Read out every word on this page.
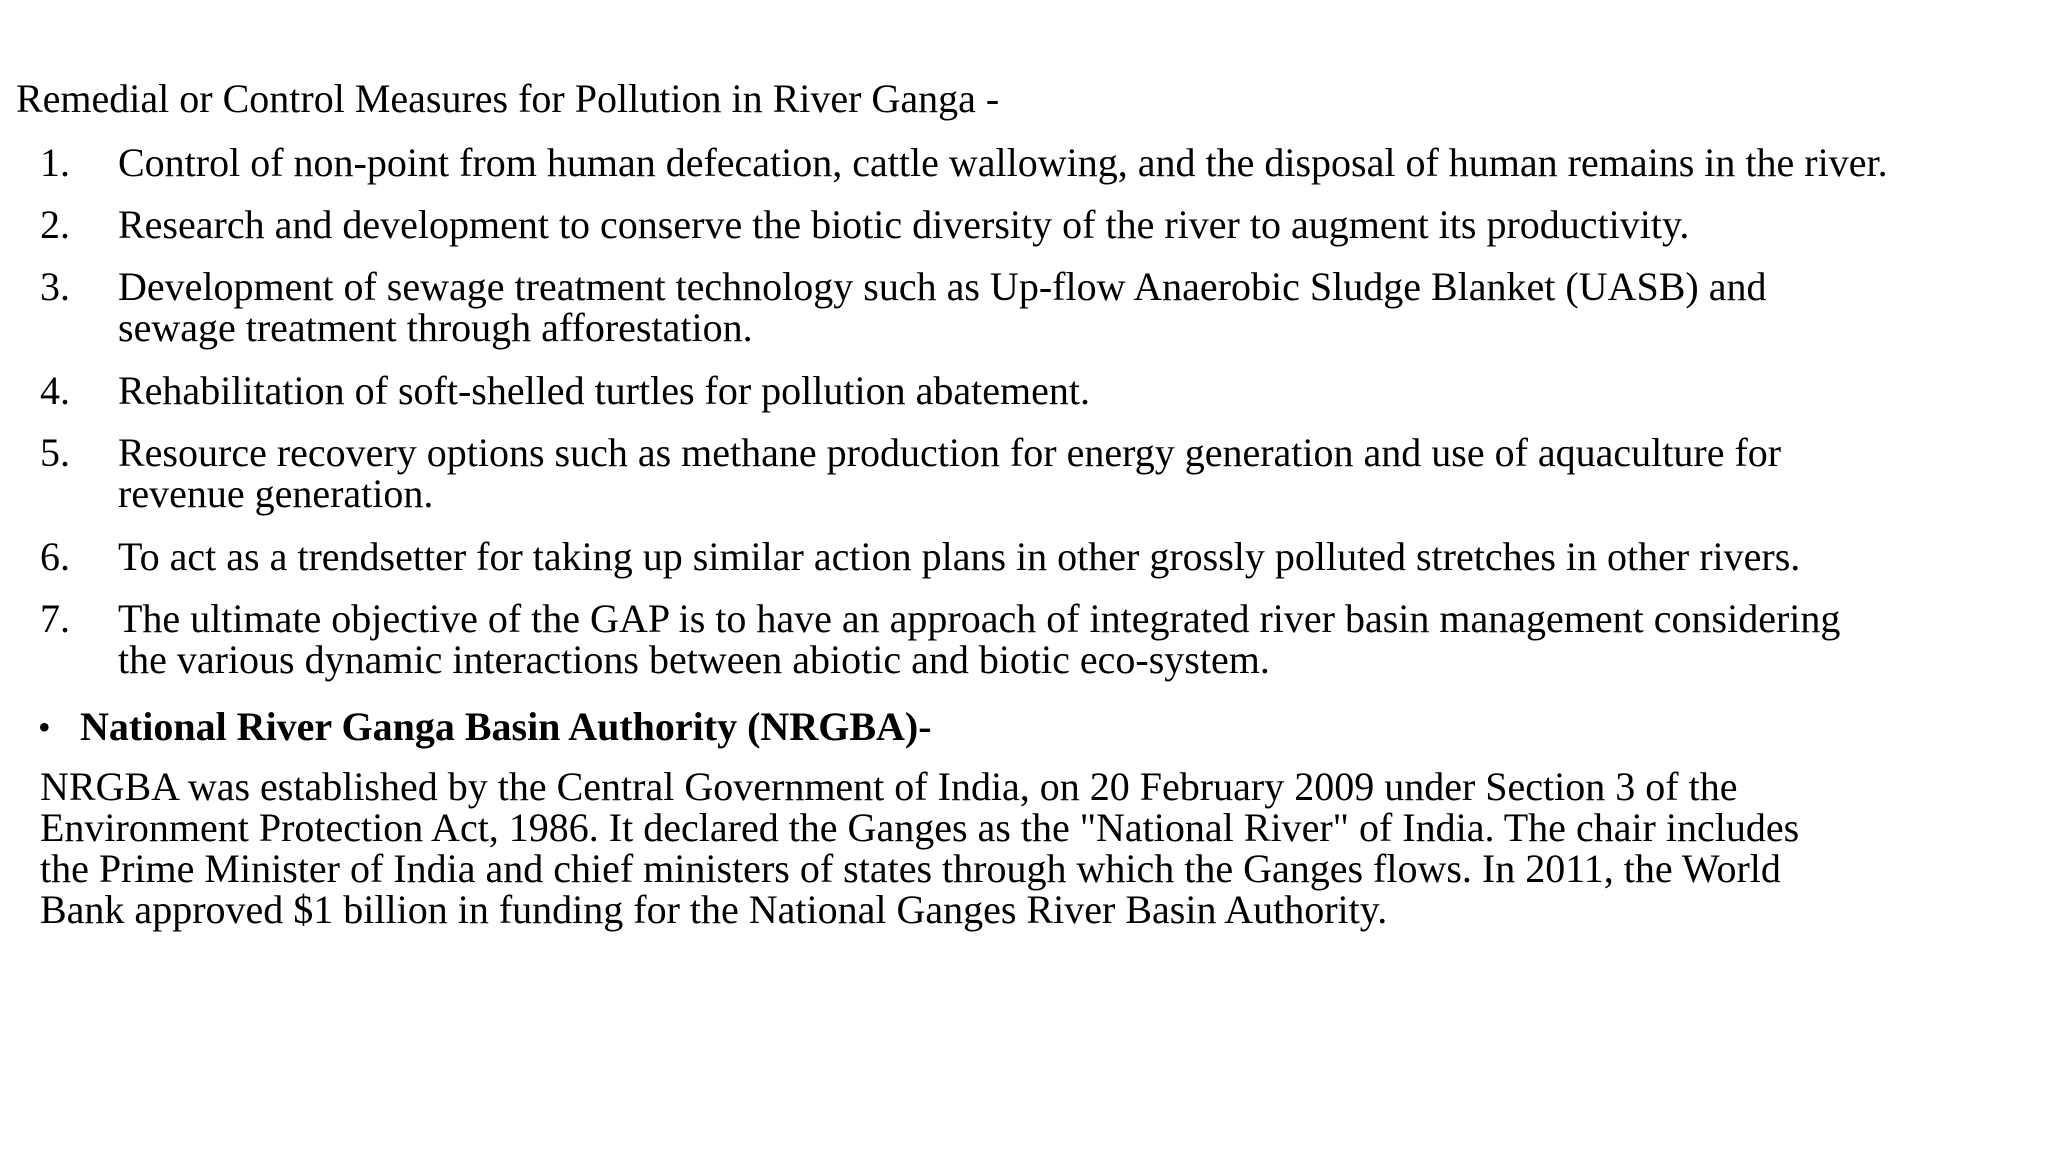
Remedial or Control Measures for Pollution in River Ganga -
1.	Control of non-point from human defecation, cattle wallowing, and the disposal of human remains in the river.
2.	Research and development to conserve the biotic diversity of the river to augment its productivity.
3.	Development of sewage treatment technology such as Up-flow Anaerobic Sludge Blanket (UASB) and
sewage treatment through afforestation.
4.	Rehabilitation of soft-shelled turtles for pollution abatement.
5.	Resource recovery options such as methane production for energy generation and use of aquaculture for
revenue generation.
6.	To act as a trendsetter for taking up similar action plans in other grossly polluted stretches in other rivers.
7.	The ultimate objective of the GAP is to have an approach of integrated river basin management considering
the various dynamic interactions between abiotic and biotic eco-system.
• National River Ganga Basin Authority (NRGBA)-
NRGBA was established by the Central Government of India, on 20 February 2009 under Section 3 of the
Environment Protection Act, 1986. It declared the Ganges as the "National River" of India. The chair includes
the Prime Minister of India and chief ministers of states through which the Ganges flows. In 2011, the World
Bank approved $1 billion in funding for the National Ganges River Basin Authority.
